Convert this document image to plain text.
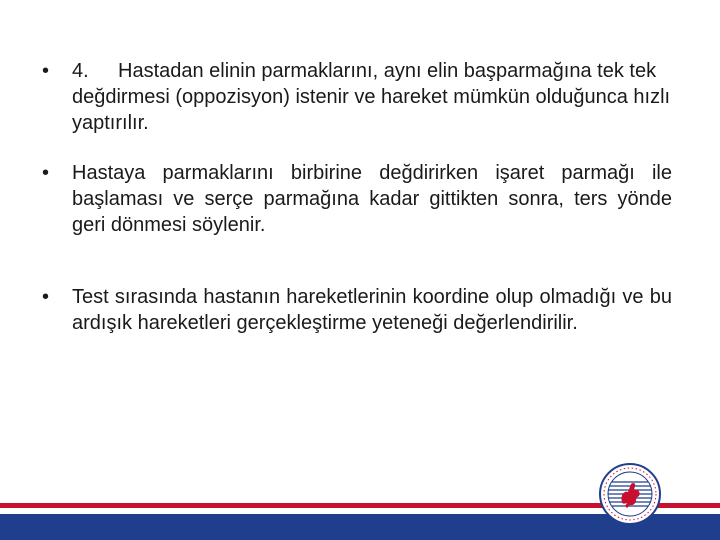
• 4. Hastadan elinin parmaklarını, aynı elin başparmağına tek tek değdirmesi (oppozisyon) istenir ve hareket mümkün olduğunca hızlı yaptırılır.
• Hastaya parmaklarını birbirine değdirirken işaret parmağı ile başlaması ve serçe parmağına kadar gittikten sonra, ters yönde geri dönmesi söylenir.
• Test sırasında hastanın hareketlerinin koordine olup olmadığı ve bu ardışık hareketleri gerçekleştirme yeteneği değerlendirilir.
